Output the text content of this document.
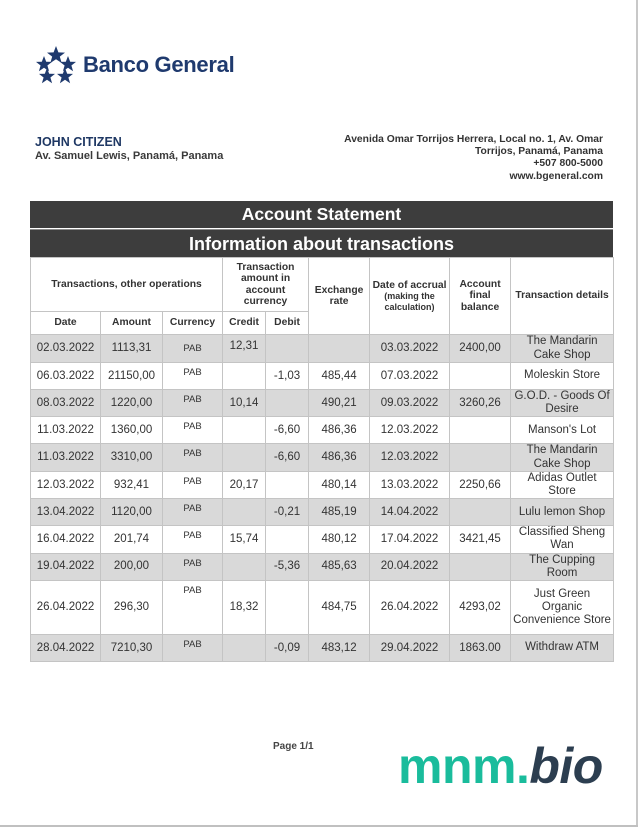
Banco General
JOHN CITIZEN
Av. Samuel Lewis, Panamá, Panama
Avenida Omar Torrijos Herrera, Local no. 1, Av. Omar
Torrijos, Panamá, Panama
+507 800-5000
www.bgeneral.com
Account Statement
Information about transactions
Transactions, other operations			Transaction amount in account currency		Exchange rate	Date of accrual
(making the calculation)	Account final balance	Transaction details
Date	Amount	Currency	Credit	Debit				
02.03.2022	1113,31	PAB	12,31			03.03.2022	2400,00	The Mandarin Cake Shop
06.03.2022	21150,00	PAB		-1,03	485,44	07.03.2022		Moleskin Store
08.03.2022	1220,00	PAB	10,14		490,21	09.03.2022	3260,26	G.O.D. - Goods Of Desire
11.03.2022	1360,00	PAB		-6,60	486,36	12.03.2022		Manson's Lot
11.03.2022	3310,00	PAB		-6,60	486,36	12.03.2022		The Mandarin Cake Shop
12.03.2022	932,41	PAB	20,17		480,14	13.03.2022	2250,66	Adidas Outlet Store
13.04.2022	1120,00	PAB		-0,21	485,19	14.04.2022		Lulu lemon Shop
16.04.2022	201,74	PAB	15,74		480,12	17.04.2022	3421,45	Classified Sheng Wan
19.04.2022	200,00	PAB		-5,36	485,63	20.04.2022		The Cupping Room
26.04.2022	296,30	PAB	18,32		484,75	26.04.2022	4293,02	Just Green Organic Convenience Store
28.04.2022	7210,30	PAB		-0,09	483,12	29.04.2022	1863.00	Withdraw ATM
Page 1/1 mnm.bio
